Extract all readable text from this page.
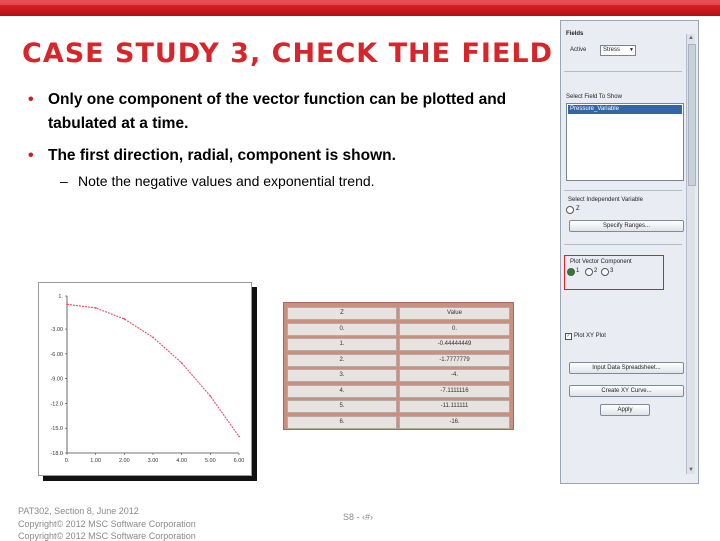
CASE STUDY 3, CHECK THE FIELD
• Only one component of the vector function can be plotted and tabulated at a time.
• The first direction, radial, component is shown.
– Note the negative values and exponential trend.
1.
-3.00
-6.00
-9.00
-12.0
-15.0
-18.0
0.	1.00	2.00	3.00	4.00	5.00	6.00
Z	Value
0.	0.
1.	-0.44444449
2.	-1.7777779
3.	-4.
4.	-7.1111116
5.	-11.111111
6.	-16.
▲
▼
Fields
Active	Stress ▼
Select Field To Show
Pressure_Variable
Select Independent Variable
Z
Specify Ranges...
Plot Vector Component
1 2 3
✓ Plot XY Plot
Input Data Spreadsheet...
Create XY Curve...
Apply
PAT302, Section 8, June 2012
Copyright© 2012 MSC Software Corporation
Copyright© 2012 MSC Software Corporation
S8 - ‹#›
